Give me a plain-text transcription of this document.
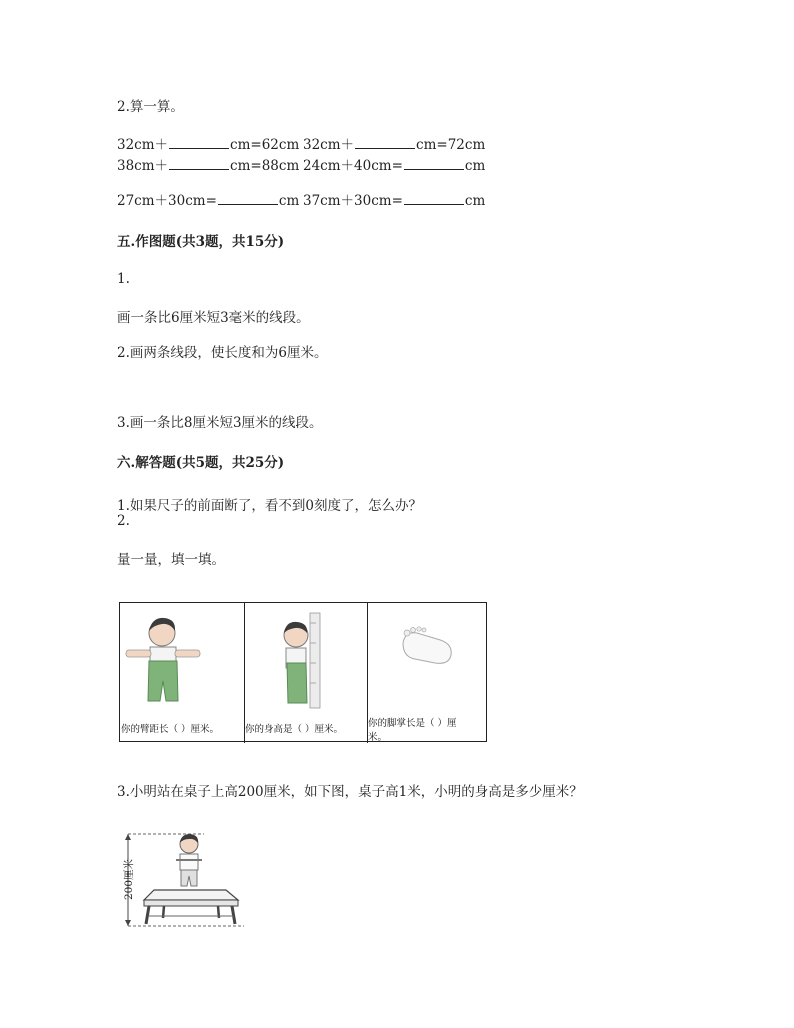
2.算一算。
32cm＋	cm=62cm 32cm＋	cm=72cm
38cm＋	cm=88cm 24cm＋40cm=	cm
27cm＋30cm=	cm 37cm＋30cm=	cm
五.作图题(共3题，共15分)
1.
画一条比6厘米短3毫米的线段。
2.画两条线段，使长度和为6厘米。
3.画一条比8厘米短3厘米的线段。
六.解答题(共5题，共25分)
1.如果尺子的前面断了，看不到0刻度了，怎么办？
2.
量一量，填一填。
你的臂距长（ ）厘米。	你的身高是（ ）厘米。
你的脚掌长是（ ）厘
米。
3.小明站在桌子上高200厘米，如下图，桌子高1米，小明的身高是多少厘米？
200厘米
